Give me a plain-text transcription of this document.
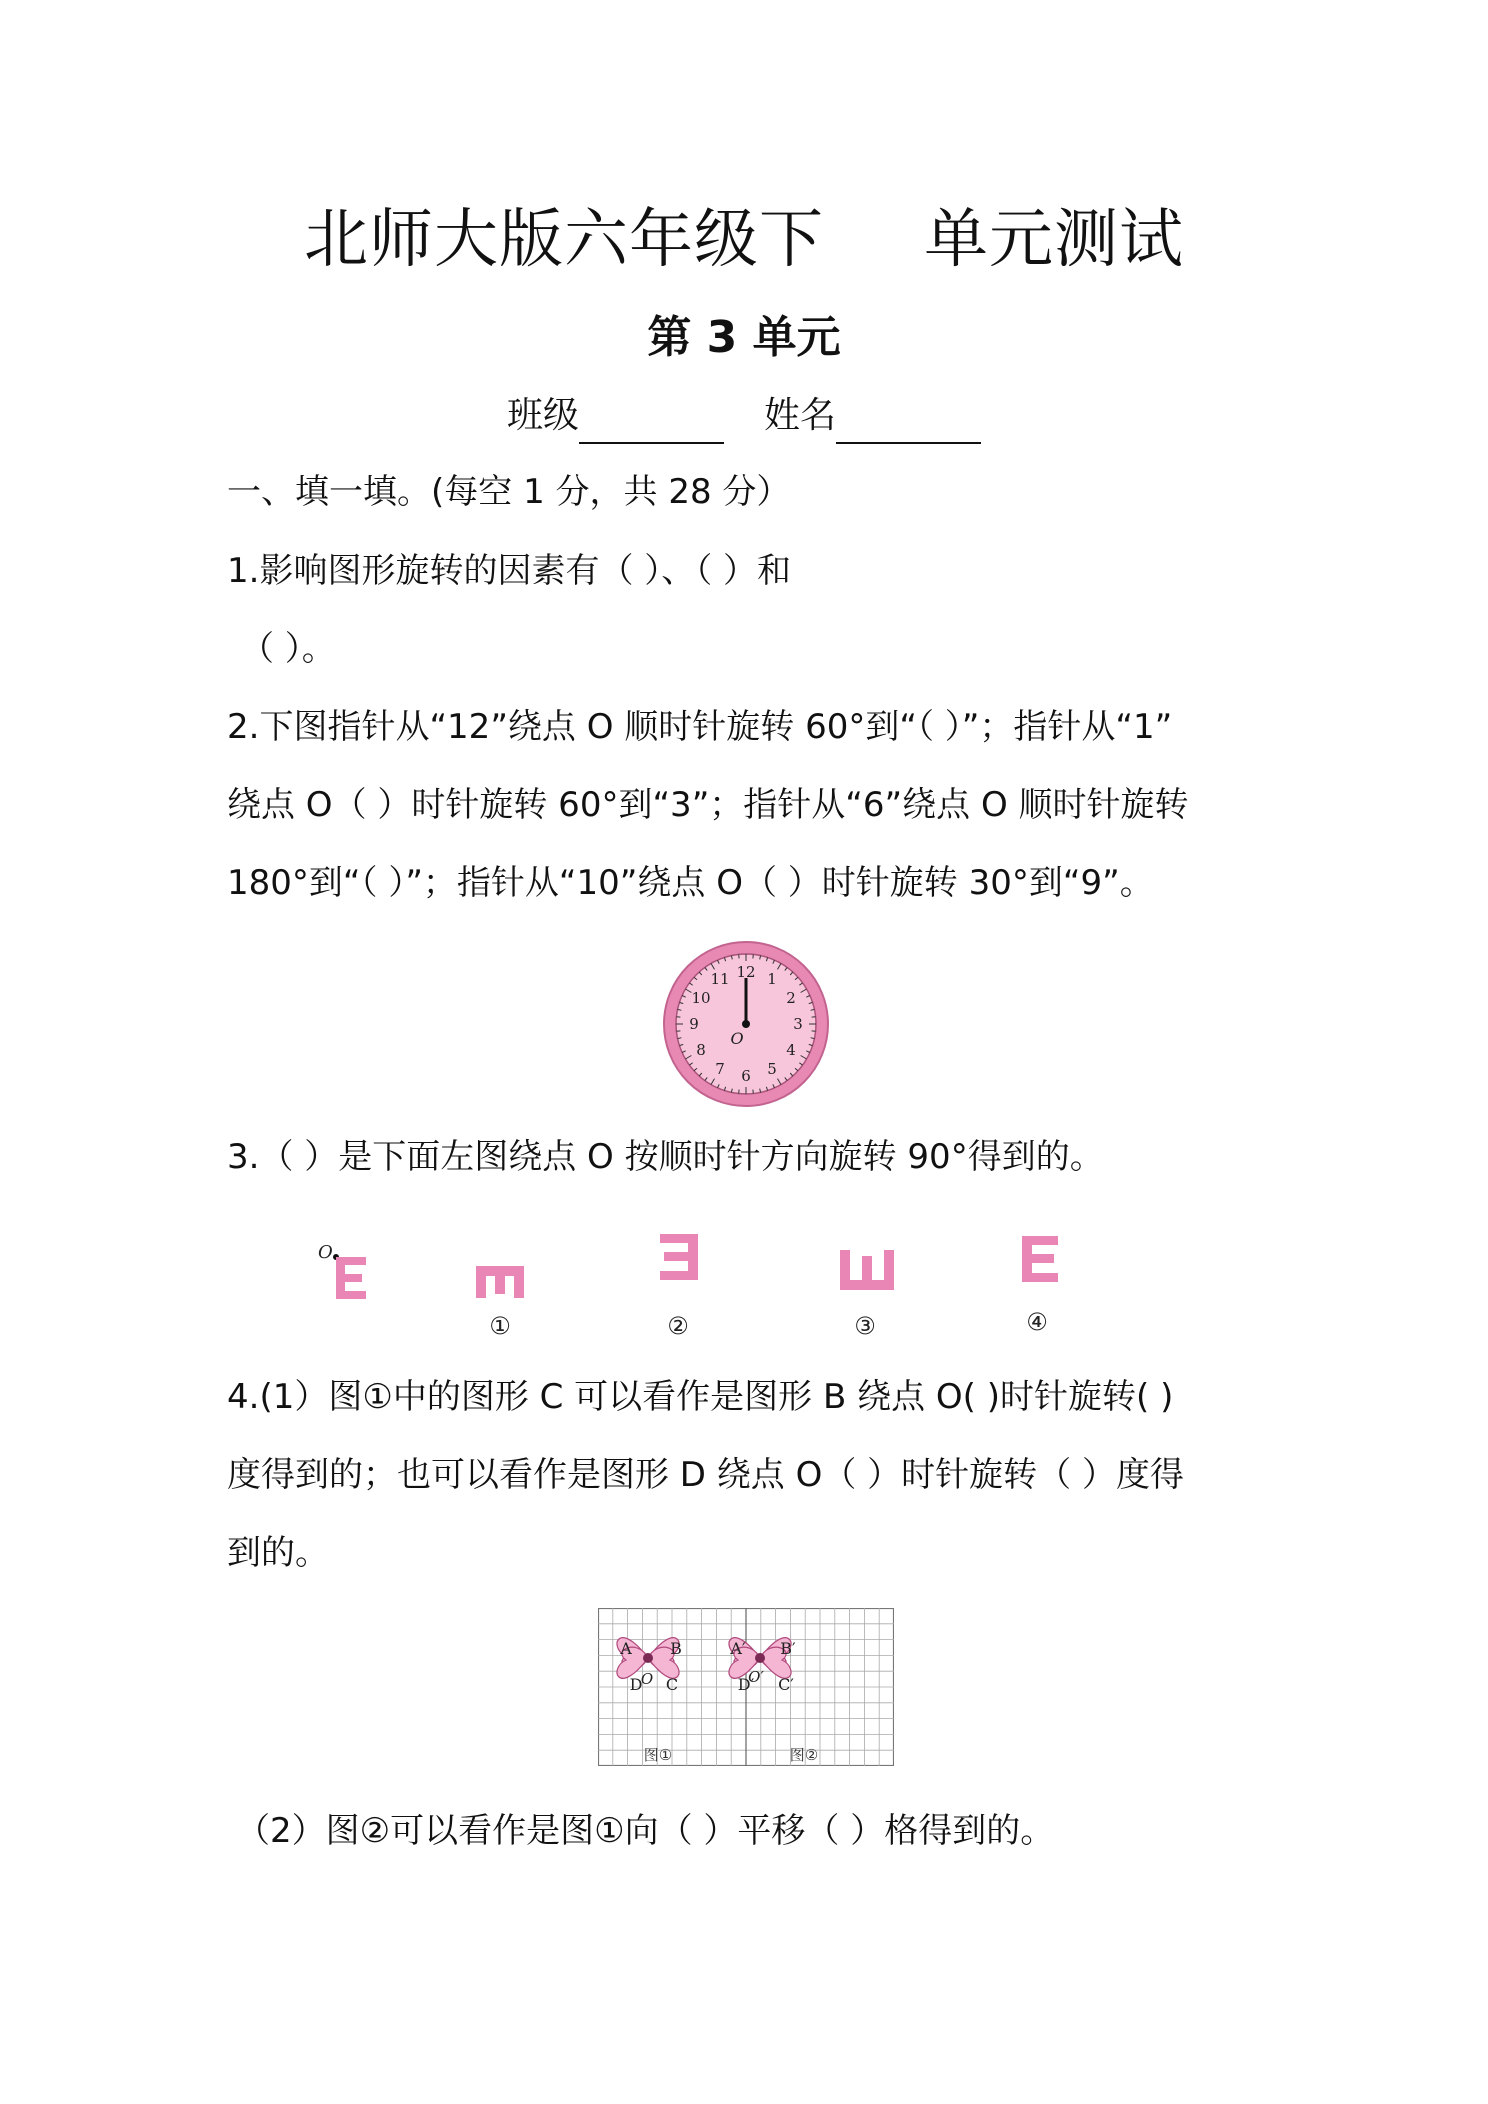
北师大版六年级下 单元测试
第 3 单元
班级	姓名
一、填一填。(每空 1 分，共 28 分）
1.影响图形旋转的因素有（ ）、（ ）和
（ ）。
2.下图指针从“12”绕点 O 顺时针旋转 60°到“（ ）”；指针从“1”
绕点 O（ ）时针旋转 60°到“3”；指针从“6”绕点 O 顺时针旋转
180°到“（ ）”；指针从“10”绕点 O（ ）时针旋转 30°到“9”。
12 1
2
3
4
5
6
7
8
9
10
11
O
3.（ ）是下面左图绕点 O 按顺时针方向旋转 90°得到的。
O
①	②	③	④
4.(1）图①中的图形 C 可以看作是图形 B 绕点 O( )时针旋转( )
度得到的；也可以看作是图形 D 绕点 O（ ）时针旋转（ ）度得
到的。
A B
D C
O
图①
A′ B′
D′ C′
O′
图②
（2）图②可以看作是图①向（ ）平移（ ）格得到的。
